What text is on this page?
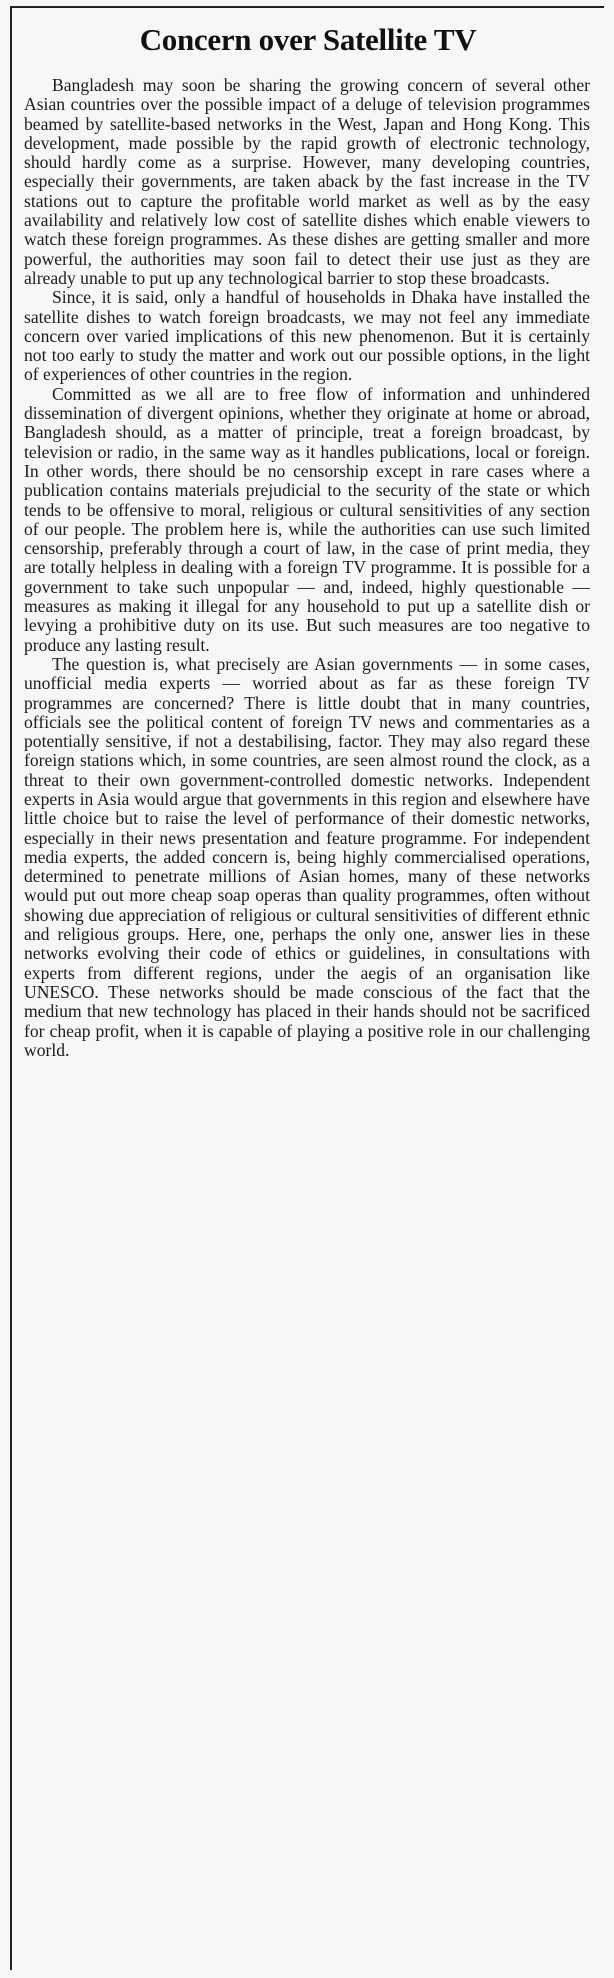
Concern over Satellite TV

Bangladesh may soon be sharing the growing concern of several other Asian countries over the possible impact of a deluge of television programmes beamed by satellite-based networks in the West, Japan and Hong Kong. This development, made possible by the rapid growth of electronic technology, should hardly come as a surprise. However, many developing countries, especially their governments, are taken aback by the fast increase in the TV stations out to capture the profitable world market as well as by the easy availability and relatively low cost of satellite dishes which enable viewers to watch these foreign programmes. As these dishes are getting smaller and more powerful, the authorities may soon fail to detect their use just as they are already unable to put up any technological barrier to stop these broadcasts.

Since, it is said, only a handful of households in Dhaka have installed the satellite dishes to watch foreign broadcasts, we may not feel any immediate concern over varied implications of this new phenomenon. But it is certainly not too early to study the matter and work out our possible options, in the light of experiences of other countries in the region.

Committed as we all are to free flow of information and unhindered dissemination of divergent opinions, whether they originate at home or abroad, Bangladesh should, as a matter of principle, treat a foreign broadcast, by television or radio, in the same way as it handles publications, local or foreign. In other words, there should be no censorship except in rare cases where a publication contains materials prejudicial to the security of the state or which tends to be offensive to moral, religious or cultural sensitivities of any section of our people. The problem here is, while the authorities can use such limited censorship, preferably through a court of law, in the case of print media, they are totally helpless in dealing with a foreign TV programme. It is possible for a government to take such unpopular — and, indeed, highly questionable — measures as making it illegal for any household to put up a satellite dish or levying a prohibitive duty on its use. But such measures are too negative to produce any lasting result.

The question is, what precisely are Asian governments — in some cases, unofficial media experts — worried about as far as these foreign TV programmes are concerned? There is little doubt that in many countries, officials see the political content of foreign TV news and commentaries as a potentially sensitive, if not a destabilising, factor. They may also regard these foreign stations which, in some countries, are seen almost round the clock, as a threat to their own government-controlled domestic networks. Independent experts in Asia would argue that governments in this region and elsewhere have little choice but to raise the level of performance of their domestic networks, especially in their news presentation and feature programme. For independent media experts, the added concern is, being highly commercialised operations, determined to penetrate millions of Asian homes, many of these networks would put out more cheap soap operas than quality programmes, often without showing due appreciation of religious or cultural sensitivities of different ethnic and religious groups. Here, one, perhaps the only one, answer lies in these networks evolving their code of ethics or guidelines, in consultations with experts from different regions, under the aegis of an organisation like UNESCO. These networks should be made conscious of the fact that the medium that new technology has placed in their hands should not be sacrificed for cheap profit, when it is capable of playing a positive role in our challenging world.
